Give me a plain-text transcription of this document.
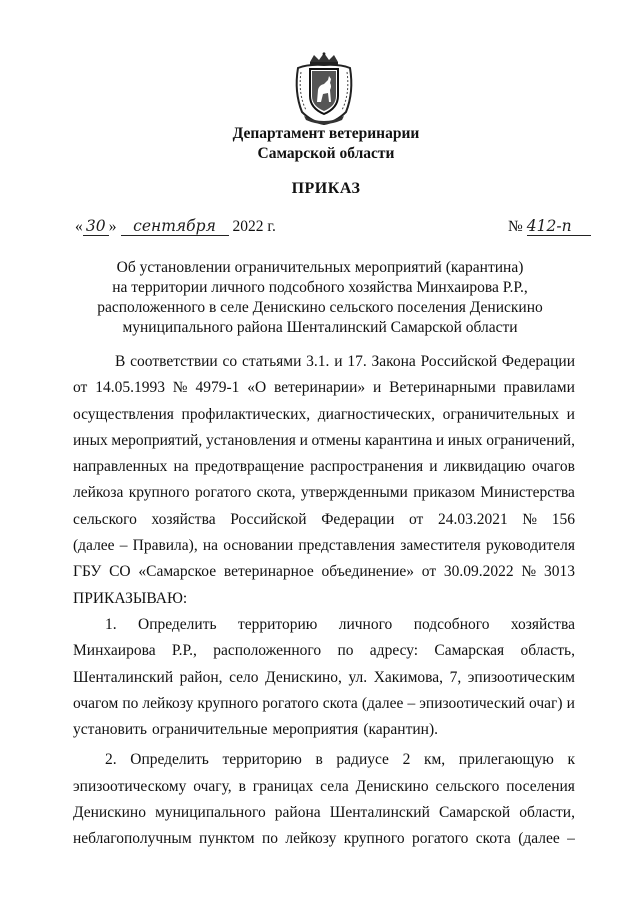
Департамент ветеринарии
Самарской области
ПРИКАЗ
« 30 » сентября 2022 г.	№ 412-п
Об установлении ограничительных мероприятий (карантина)
на территории личного подсобного хозяйства Минхаирова Р.Р.,
расположенного в селе Денискино сельского поселения Денискино
муниципального района Шенталинский Самарской области
В соответствии со статьями 3.1. и 17. Закона Российской Федерации
от 14.05.1993 № 4979-1 «О ветеринарии» и Ветеринарными правилами
осуществления профилактических, диагностических, ограничительных и
иных мероприятий, установления и отмены карантина и иных ограничений,
направленных на предотвращение распространения и ликвидацию очагов
лейкоза крупного рогатого скота, утвержденными приказом Министерства
сельского хозяйства Российской Федерации от 24.03.2021 № 156
(далее – Правила), на основании представления заместителя руководителя
ГБУ СО «Самарское ветеринарное объединение» от 30.09.2022 № 3013
ПРИКАЗЫВАЮ:
1. Определить территорию личного подсобного хозяйства
Минхаирова Р.Р., расположенного по адресу: Самарская область,
Шенталинский район, село Денискино, ул. Хакимова, 7, эпизоотическим
очагом по лейкозу крупного рогатого скота (далее – эпизоотический очаг) и
установить ограничительные мероприятия (карантин).
2. Определить территорию в радиусе 2 км, прилегающую к
эпизоотическому очагу, в границах села Денискино сельского поселения
Денискино муниципального района Шенталинский Самарской области,
неблагополучным пунктом по лейкозу крупного рогатого скота (далее –
